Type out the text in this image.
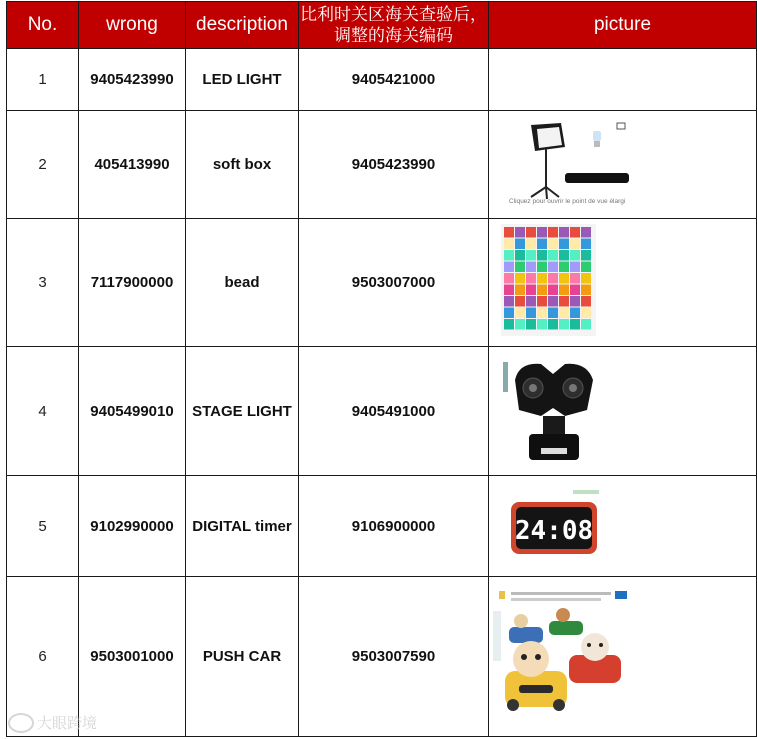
No.	wrong	description	比利时关区海关查验后，调整的海关编码	picture
1	9405423990	LED LIGHT	9405421000	
2	405413990	soft box	9405423990	Cliquez pour ouvrir le point de vue élargi

3	7117900000	bead	9503007000	
4	9405499010	STAGE LIGHT	9405491000	
5	9102990000	DIGITAL timer	9106900000	24:08

6	9503001000	PUSH CAR	9503007590	
大眼跨境
